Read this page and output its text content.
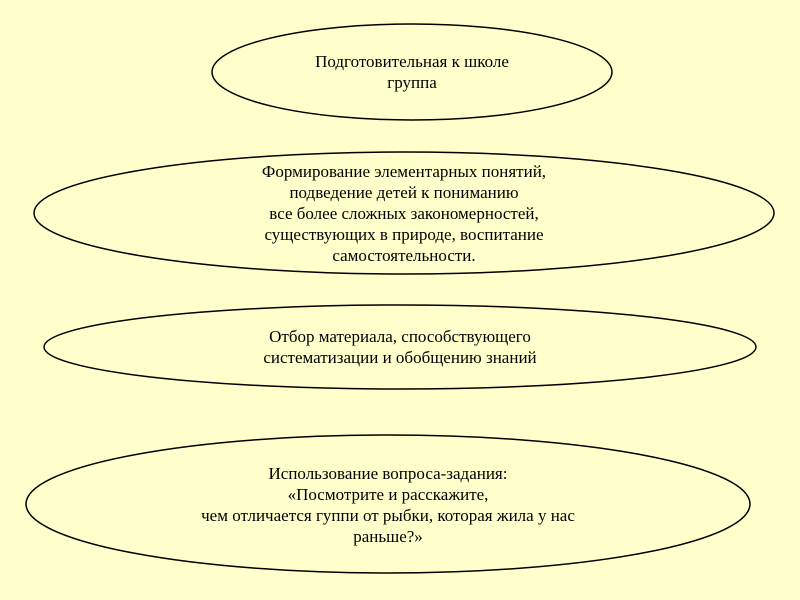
Подготовительная к школе
группа
Формирование элементарных понятий,
подведение детей к пониманию
все более сложных закономерностей,
существующих в природе, воспитание
самостоятельности.
Отбор материала, способствующего
систематизации и обобщению знаний
Использование вопроса-задания:
«Посмотрите и расскажите,
чем отличается гуппи от рыбки, которая жила у нас
раньше?»
